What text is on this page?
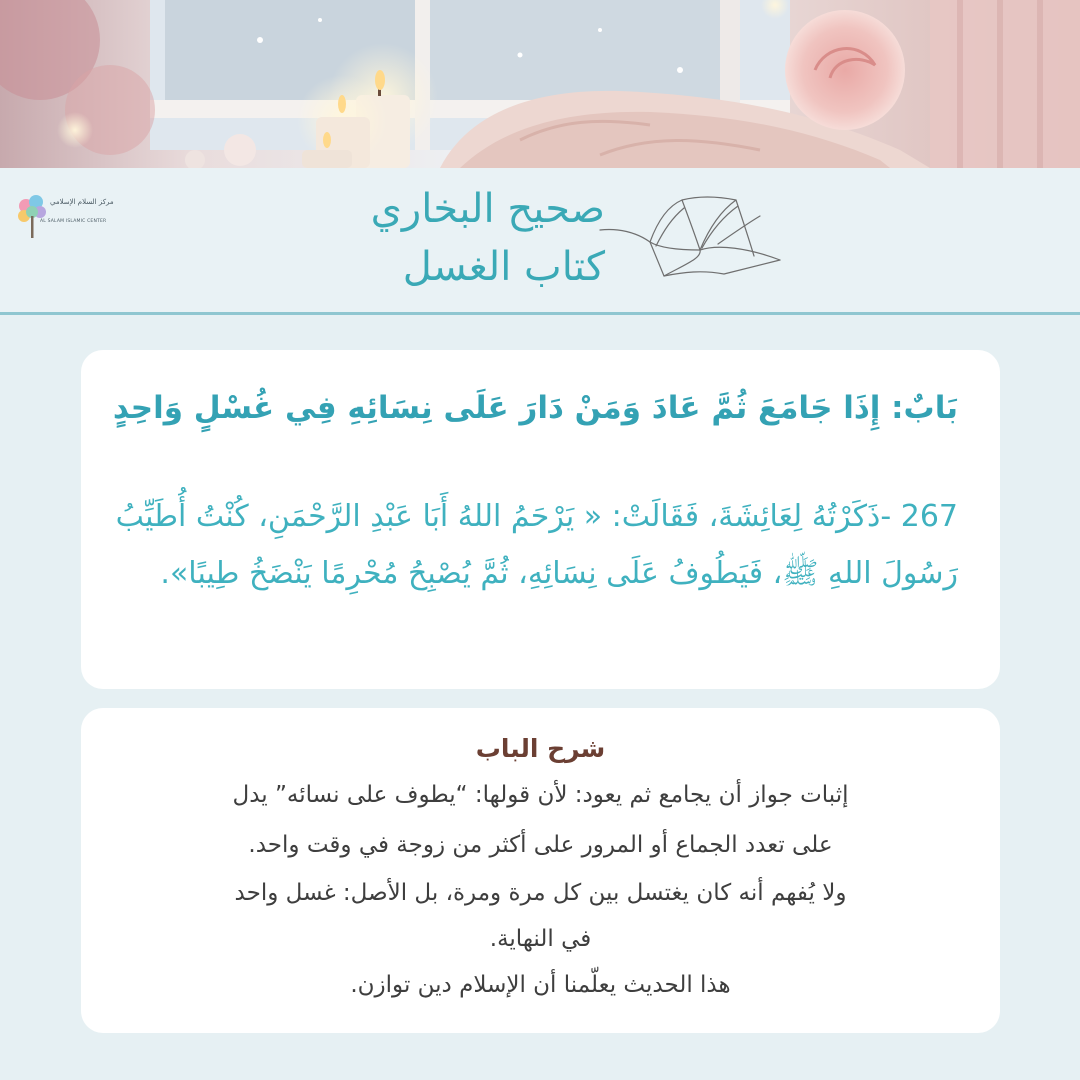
مركز السلام الإسلامي
AL SALAM ISLAMIC CENTER	صحيح البخاري
كتاب الغسل
بَابٌ: إِذَا جَامَعَ ثُمَّ عَادَ وَمَنْ دَارَ عَلَى نِسَائِهِ فِي غُسْلٍ وَاحِدٍ
267 -ذَكَرْتُهُ لِعَائِشَةَ، فَقَالَتْ: « يَرْحَمُ اللهُ أَبَا عَبْدِ الرَّحْمَنِ، كُنْتُ أُطَيِّبُ رَسُولَ اللهِ ﷺ، فَيَطُوفُ عَلَى نِسَائِهِ، ثُمَّ يُصْبِحُ مُحْرِمًا يَنْضَخُ طِيبًا».
شرح الباب
إثبات جواز أن يجامع ثم يعود: لأن قولها: “يطوف على نسائه” يدل
على تعدد الجماع أو المرور على أكثر من زوجة في وقت واحد.
ولا يُفهم أنه كان يغتسل بين كل مرة ومرة، بل الأصل: غسل واحد
في النهاية.
هذا الحديث يعلّمنا أن الإسلام دين توازن.
